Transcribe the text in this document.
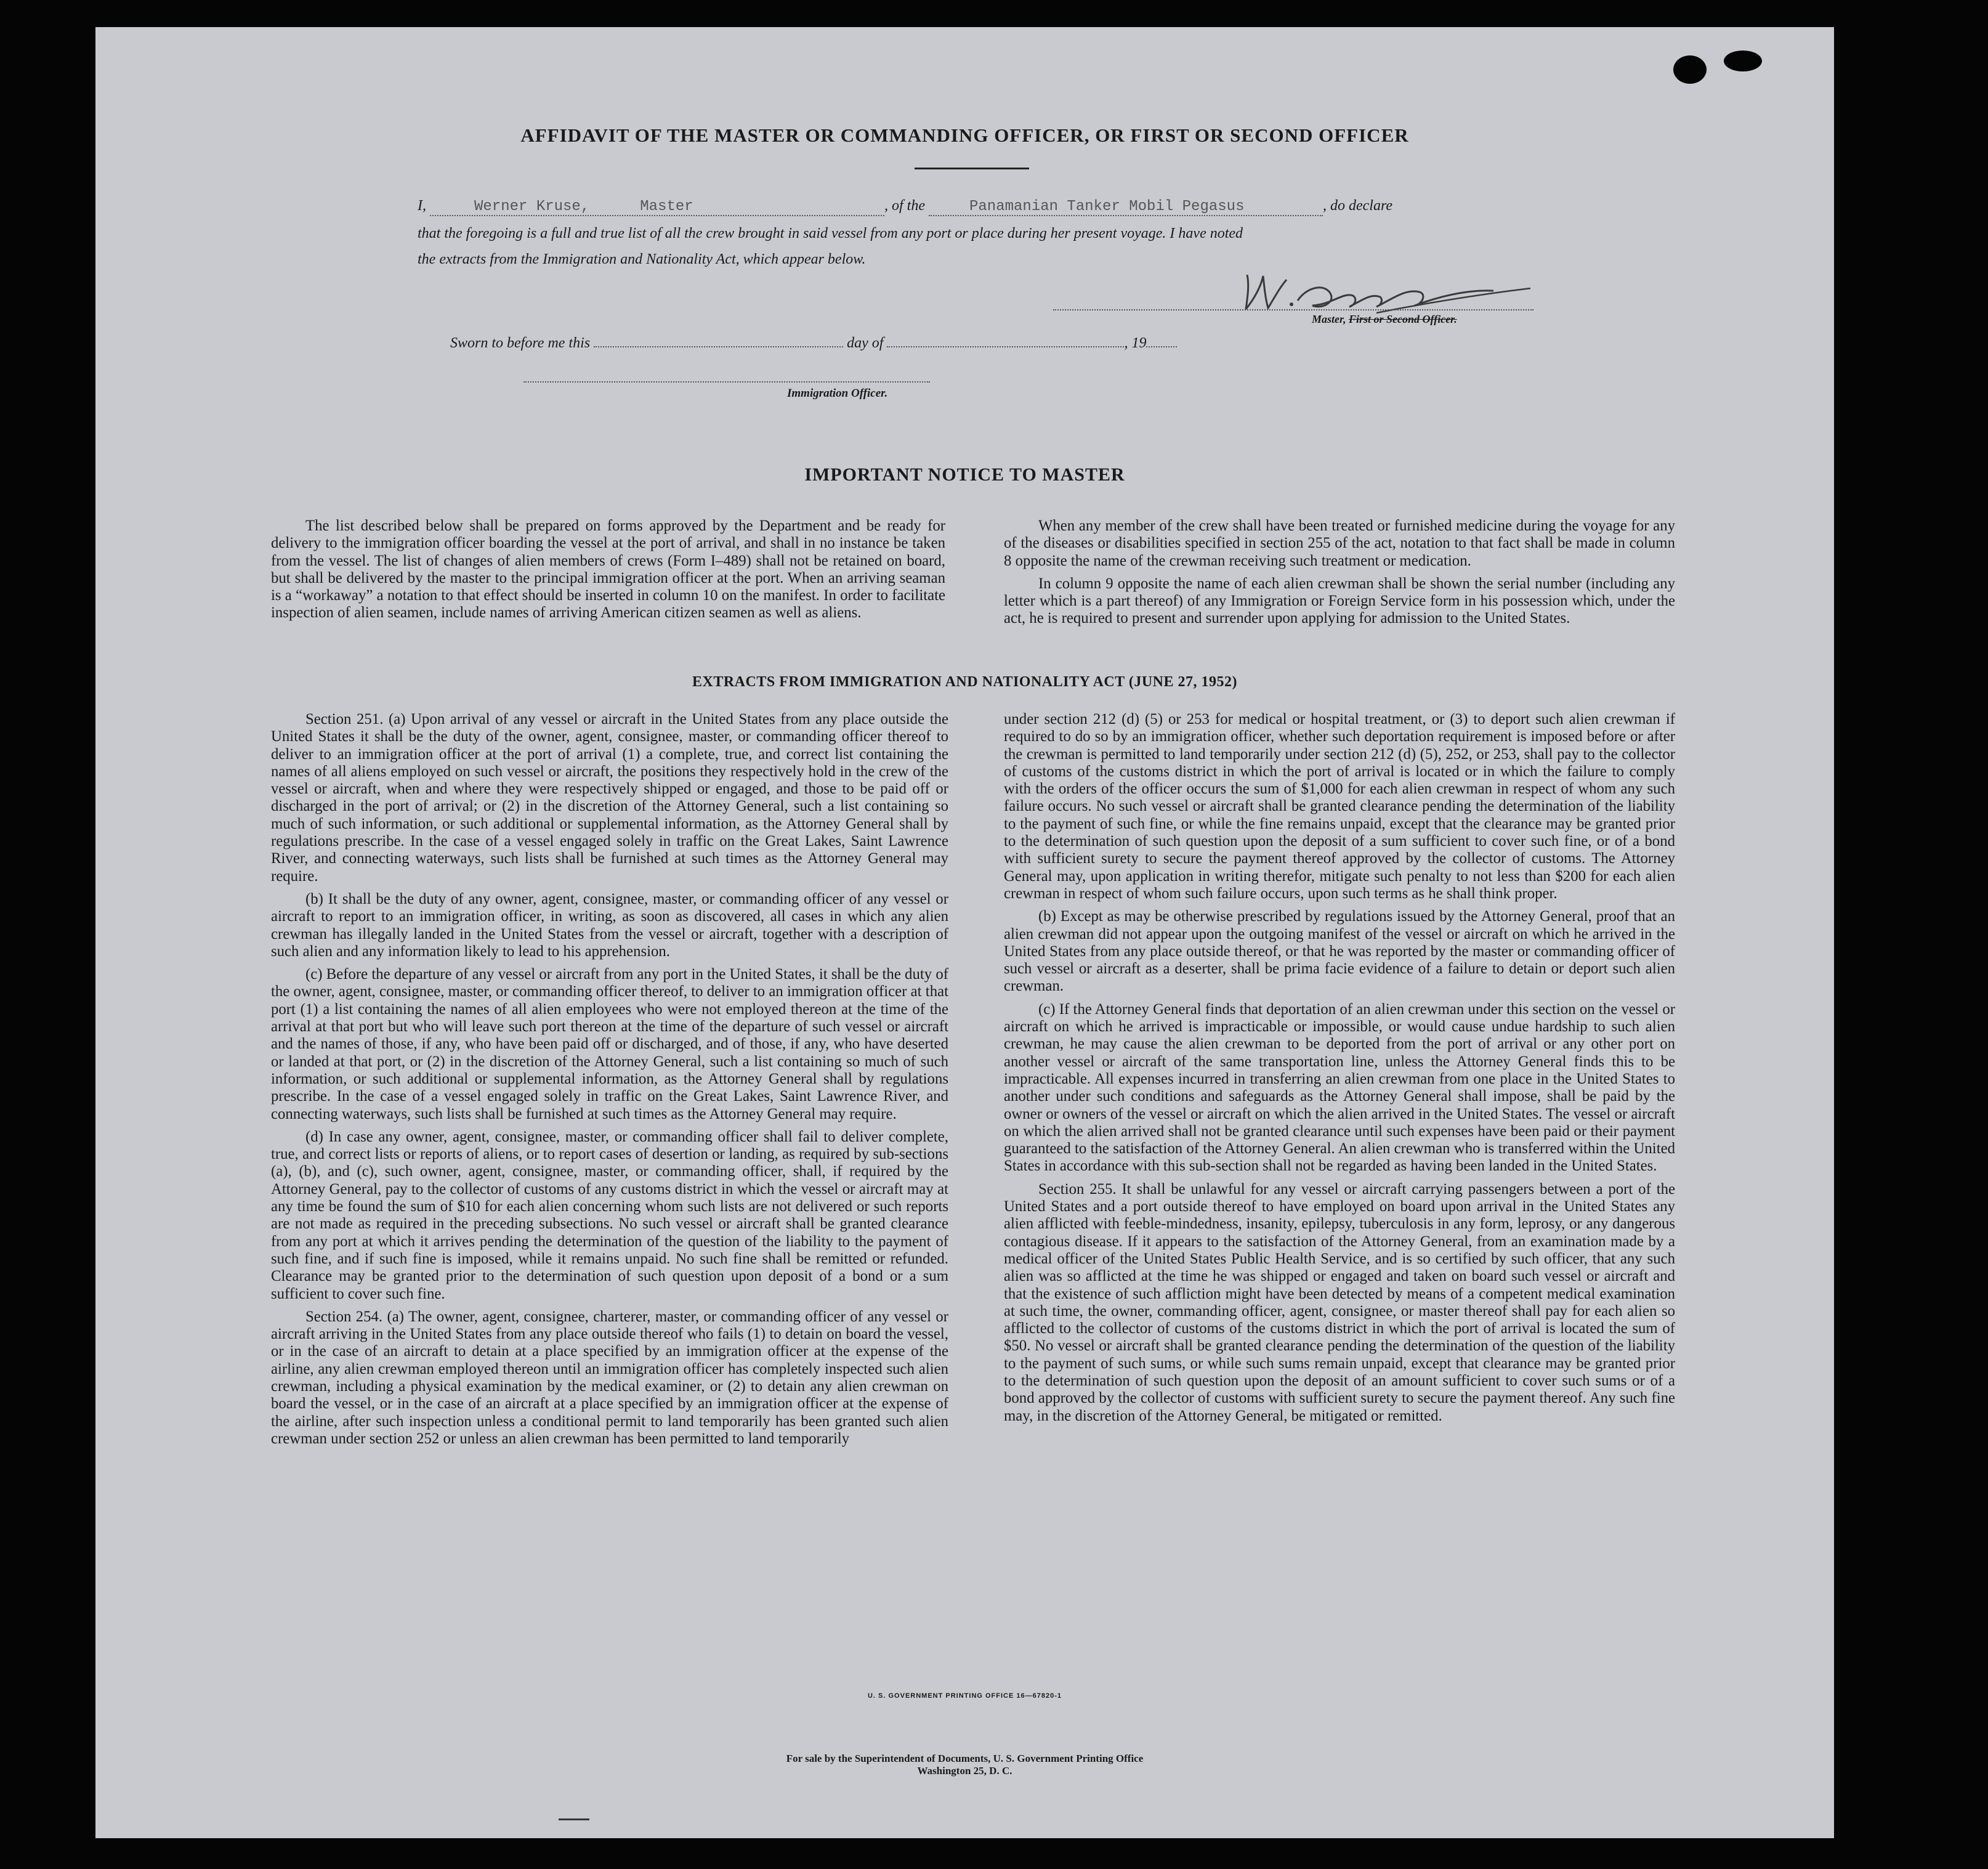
AFFIDAVIT OF THE MASTER OR COMMANDING OFFICER, OR FIRST OR SECOND OFFICER
I,	Werner Kruse,	Master	, of the	Panamanian Tanker Mobil Pegasus	, do declare
that the foregoing is a full and true list of all the crew brought in said vessel from any port or place during her present voyage. I have noted
the extracts from the Immigration and Nationality Act, which appear below.
Master, First or Second Officer.
Sworn to before me this	day of	, 19
Immigration Officer.
IMPORTANT NOTICE TO MASTER

The list described below shall be prepared on forms approved by the Department and be ready for delivery to the immigration officer boarding the vessel at the port of arrival, and shall in no instance be taken from the vessel. The list of changes of alien members of crews (Form I–489) shall not be retained on board, but shall be delivered by the master to the principal immigration officer at the port. When an arriving seaman is a “workaway” a notation to that effect should be inserted in column 10 on the manifest. In order to facilitate inspection of alien seamen, include names of arriving American citizen seamen as well as aliens.

When any member of the crew shall have been treated or furnished medicine during the voyage for any of the diseases or disabilities specified in section 255 of the act, notation to that fact shall be made in column 8 opposite the name of the crewman receiving such treatment or medication.

In column 9 opposite the name of each alien crewman shall be shown the serial number (including any letter which is a part thereof) of any Immigration or Foreign Service form in his possession which, under the act, he is required to present and surrender upon applying for admission to the United States.

EXTRACTS FROM IMMIGRATION AND NATIONALITY ACT (JUNE 27, 1952)

Section 251. (a) Upon arrival of any vessel or aircraft in the United States from any place outside the United States it shall be the duty of the owner, agent, consignee, master, or commanding officer thereof to deliver to an immigration officer at the port of arrival (1) a complete, true, and correct list containing the names of all aliens employed on such vessel or aircraft, the positions they respectively hold in the crew of the vessel or aircraft, when and where they were respectively shipped or engaged, and those to be paid off or discharged in the port of arrival; or (2) in the discretion of the Attorney General, such a list containing so much of such information, or such additional or supplemental information, as the Attorney General shall by regulations prescribe. In the case of a vessel engaged solely in traffic on the Great Lakes, Saint Lawrence River, and connecting waterways, such lists shall be furnished at such times as the Attorney General may require.

(b) It shall be the duty of any owner, agent, consignee, master, or commanding officer of any vessel or aircraft to report to an immigration officer, in writing, as soon as discovered, all cases in which any alien crewman has illegally landed in the United States from the vessel or aircraft, together with a description of such alien and any information likely to lead to his apprehension.

(c) Before the departure of any vessel or aircraft from any port in the United States, it shall be the duty of the owner, agent, consignee, master, or commanding officer thereof, to deliver to an immigration officer at that port (1) a list containing the names of all alien employees who were not employed thereon at the time of the arrival at that port but who will leave such port thereon at the time of the departure of such vessel or aircraft and the names of those, if any, who have been paid off or discharged, and of those, if any, who have deserted or landed at that port, or (2) in the discretion of the Attorney General, such a list containing so much of such information, or such additional or supplemental information, as the Attorney General shall by regulations prescribe. In the case of a vessel engaged solely in traffic on the Great Lakes, Saint Lawrence River, and connecting waterways, such lists shall be furnished at such times as the Attorney General may require.

(d) In case any owner, agent, consignee, master, or commanding officer shall fail to deliver complete, true, and correct lists or reports of aliens, or to report cases of desertion or landing, as required by sub-sections (a), (b), and (c), such owner, agent, consignee, master, or commanding officer, shall, if required by the Attorney General, pay to the collector of customs of any customs district in which the vessel or aircraft may at any time be found the sum of $10 for each alien concerning whom such lists are not delivered or such reports are not made as required in the preceding subsections. No such vessel or aircraft shall be granted clearance from any port at which it arrives pending the determination of the question of the liability to the payment of such fine, and if such fine is imposed, while it remains unpaid. No such fine shall be remitted or refunded. Clearance may be granted prior to the determination of such question upon deposit of a bond or a sum sufficient to cover such fine.

Section 254. (a) The owner, agent, consignee, charterer, master, or commanding officer of any vessel or aircraft arriving in the United States from any place outside thereof who fails (1) to detain on board the vessel, or in the case of an aircraft to detain at a place specified by an immigration officer at the expense of the airline, any alien crewman employed thereon until an immigration officer has completely inspected such alien crewman, including a physical examination by the medical examiner, or (2) to detain any alien crewman on board the vessel, or in the case of an aircraft at a place specified by an immigration officer at the expense of the airline, after such inspection unless a conditional permit to land temporarily has been granted such alien crewman under section 252 or unless an alien crewman has been permitted to land temporarily

under section 212 (d) (5) or 253 for medical or hospital treatment, or (3) to deport such alien crewman if required to do so by an immigration officer, whether such deportation requirement is imposed before or after the crewman is permitted to land temporarily under section 212 (d) (5), 252, or 253, shall pay to the collector of customs of the customs district in which the port of arrival is located or in which the failure to comply with the orders of the officer occurs the sum of $1,000 for each alien crewman in respect of whom any such failure occurs. No such vessel or aircraft shall be granted clearance pending the determination of the liability to the payment of such fine, or while the fine remains unpaid, except that the clearance may be granted prior to the determination of such question upon the deposit of a sum sufficient to cover such fine, or of a bond with sufficient surety to secure the payment thereof approved by the collector of customs. The Attorney General may, upon application in writing therefor, mitigate such penalty to not less than $200 for each alien crewman in respect of whom such failure occurs, upon such terms as he shall think proper.

(b) Except as may be otherwise prescribed by regulations issued by the Attorney General, proof that an alien crewman did not appear upon the outgoing manifest of the vessel or aircraft on which he arrived in the United States from any place outside thereof, or that he was reported by the master or commanding officer of such vessel or aircraft as a deserter, shall be prima facie evidence of a failure to detain or deport such alien crewman.

(c) If the Attorney General finds that deportation of an alien crewman under this section on the vessel or aircraft on which he arrived is impracticable or impossible, or would cause undue hardship to such alien crewman, he may cause the alien crewman to be deported from the port of arrival or any other port on another vessel or aircraft of the same transportation line, unless the Attorney General finds this to be impracticable. All expenses incurred in transferring an alien crewman from one place in the United States to another under such conditions and safeguards as the Attorney General shall impose, shall be paid by the owner or owners of the vessel or aircraft on which the alien arrived in the United States. The vessel or aircraft on which the alien arrived shall not be granted clearance until such expenses have been paid or their payment guaranteed to the satisfaction of the Attorney General. An alien crewman who is transferred within the United States in accordance with this sub-section shall not be regarded as having been landed in the United States.

Section 255. It shall be unlawful for any vessel or aircraft carrying passengers between a port of the United States and a port outside thereof to have employed on board upon arrival in the United States any alien afflicted with feeble-mindedness, insanity, epilepsy, tuberculosis in any form, leprosy, or any dangerous contagious disease. If it appears to the satisfaction of the Attorney General, from an examination made by a medical officer of the United States Public Health Service, and is so certified by such officer, that any such alien was so afflicted at the time he was shipped or engaged and taken on board such vessel or aircraft and that the existence of such affliction might have been detected by means of a competent medical examination at such time, the owner, commanding officer, agent, consignee, or master thereof shall pay for each alien so afflicted to the collector of customs of the customs district in which the port of arrival is located the sum of $50. No vessel or aircraft shall be granted clearance pending the determination of the question of the liability to the payment of such sums, or while such sums remain unpaid, except that clearance may be granted prior to the determination of such question upon the deposit of an amount sufficient to cover such sums or of a bond approved by the collector of customs with sufficient surety to secure the payment thereof. Any such fine may, in the discretion of the Attorney General, be mitigated or remitted.

U. S. GOVERNMENT PRINTING OFFICE 16—67820-1
For sale by the Superintendent of Documents, U. S. Government Printing Office
Washington 25, D. C.
